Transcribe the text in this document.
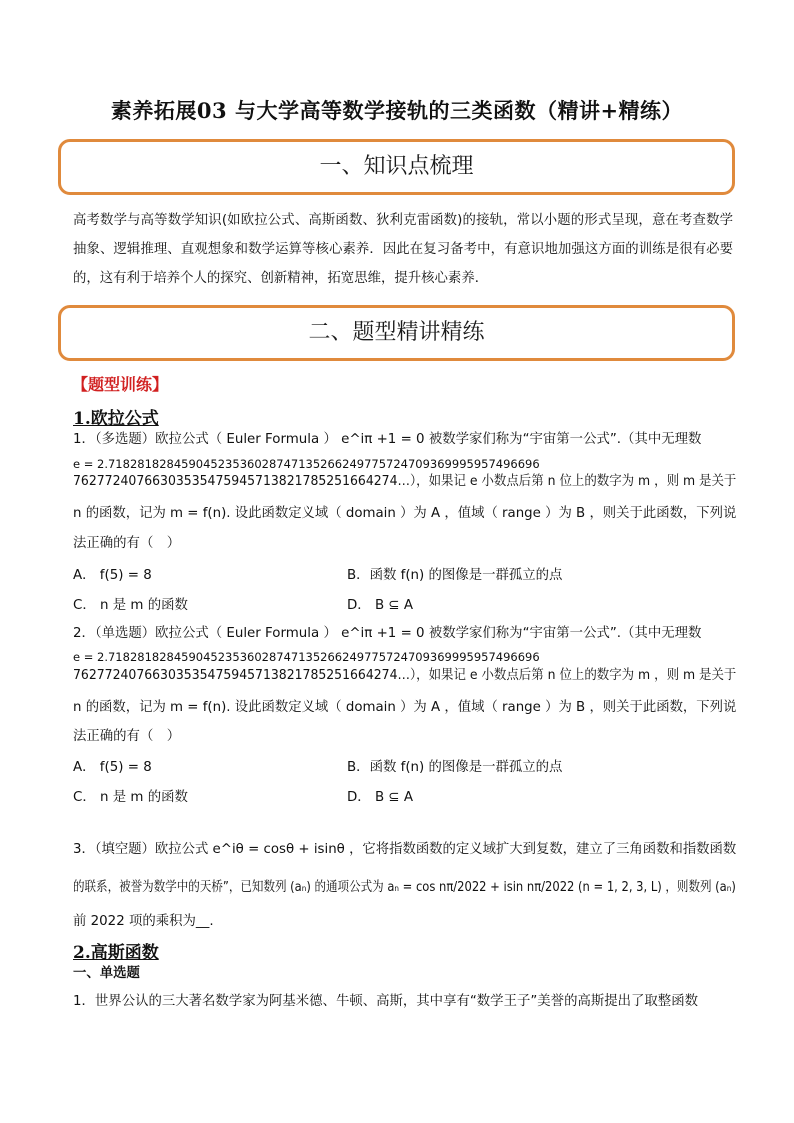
素养拓展03 与大学高等数学接轨的三类函数（精讲+精练）
一、知识点梳理
高考数学与高等数学知识(如欧拉公式、高斯函数、狄利克雷函数)的接轨，常以小题的形式呈现，意在考查数学抽象、逻辑推理、直观想象和数学运算等核心素养．因此在复习备考中，有意识地加强这方面的训练是很有必要的，这有利于培养个人的探究、创新精神，拓宽思维，提升核心素养．
二、题型精讲精练
【题型训练】
1.欧拉公式
1．（多选题）欧拉公式（ Euler Formula ） e^iπ +1 = 0 被数学家们称为“宇宙第一公式”.（其中无理数
e = 2.71828182845904523536028747135266249775724709369995957496696
76277240766303535475945713821785251664274…），如果记 e 小数点后第 n 位上的数字为 m ，则 m 是关于
n 的函数，记为 m = f(n). 设此函数定义域（ domain ）为 A ，值域（ range ）为 B ，则关于此函数，下列说
法正确的有（　）
A． f(5) = 8	B．函数 f(n) 的图像是一群孤立的点
C． n 是 m 的函数	D． B ⊆ A
2．（单选题）欧拉公式（ Euler Formula ） e^iπ +1 = 0 被数学家们称为“宇宙第一公式”.（其中无理数
e = 2.71828182845904523536028747135266249775724709369995957496696
76277240766303535475945713821785251664274…），如果记 e 小数点后第 n 位上的数字为 m ，则 m 是关于
n 的函数，记为 m = f(n). 设此函数定义域（ domain ）为 A ，值域（ range ）为 B ，则关于此函数，下列说
法正确的有（　）
A． f(5) = 8	B．函数 f(n) 的图像是一群孤立的点
C． n 是 m 的函数	D． B ⊆ A
3．（填空题）欧拉公式 e^iθ = cosθ + isinθ ，它将指数函数的定义域扩大到复数，建立了三角函数和指数函数
的联系，被誉为数学中的天桥”，已知数列 (aₙ) 的通项公式为 aₙ = cos nπ/2022 + isin nπ/2022 (n = 1, 2, 3, L) ，则数列 (aₙ)
前 2022 项的乘积为__.
2.高斯函数
一、单选题
1．世界公认的三大著名数学家为阿基米德、牛顿、高斯，其中享有“数学王子”美誉的高斯提出了取整函数
